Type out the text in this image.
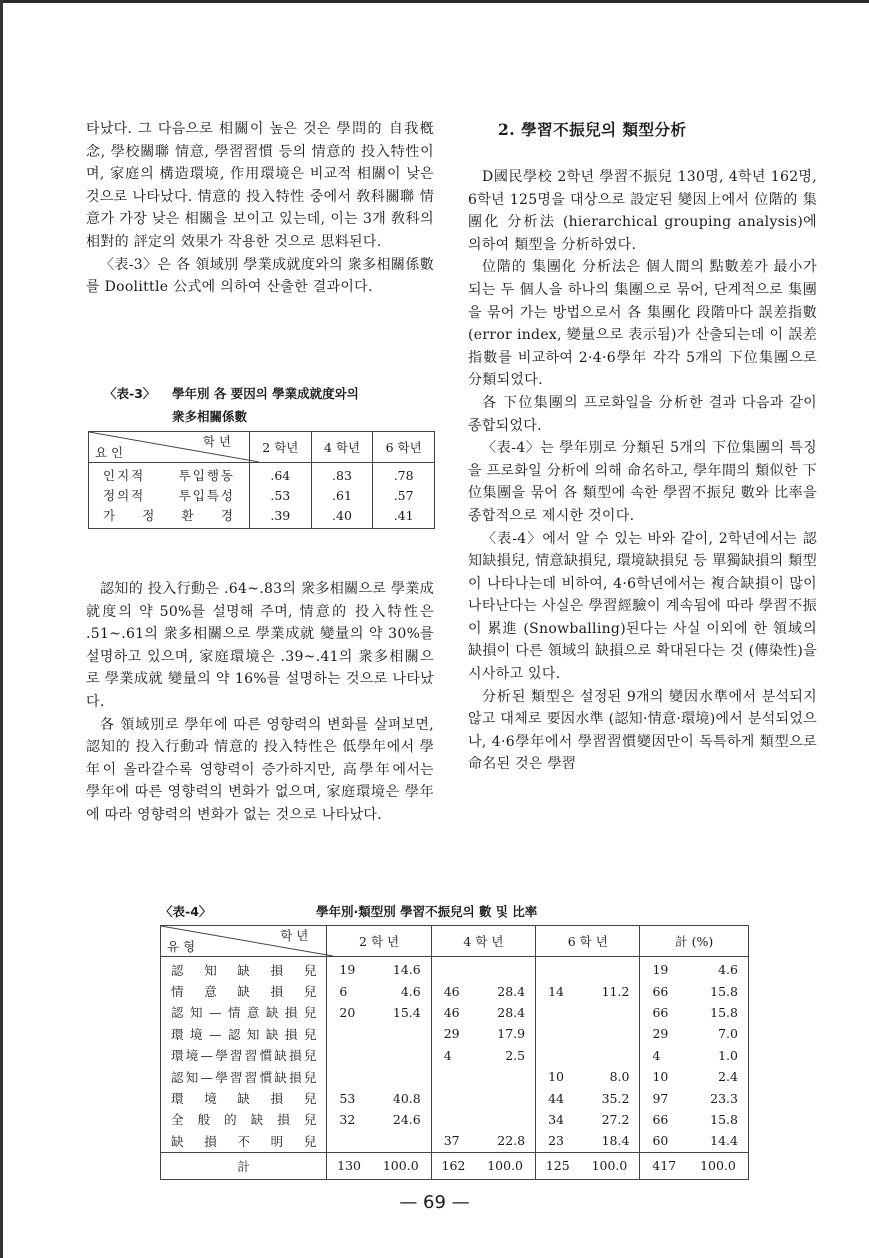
타났다. 그 다음으로 相關이 높은 것은 學問的 自我槪念, 學校關聯 情意, 學習習慣 등의 情意的 投入特性이며, 家庭의 構造環境, 作用環境은 비교적 相關이 낮은 것으로 나타났다. 情意的 投入特性 중에서 敎科關聯 情意가 가장 낮은 相關을 보이고 있는데, 이는 3개 敎科의 相對的 評定의 效果가 작용한 것으로 思料된다.

〈表-3〉은 各 領域別 學業成就度와의 衆多相關係數를 Doolittle 公式에 의하여 산출한 결과이다.

〈表-3〉 學年別 各 要因의 學業成就度와의
衆多相關係數
학 년
요 인	2 학년	4 학년	6 학년
인지적 투입행동	.64	.83	.78
정의적 투입특성	.53	.61	.57
가 정 환 경	.39	.40	.41

認知的 投入行動은 .64~.83의 衆多相關으로 學業成就度의 약 50%를 설명해 주며, 情意的 投入特性은 .51~.61의 衆多相關으로 學業成就 變量의 약 30%를 설명하고 있으며, 家庭環境은 .39~.41의 衆多相關으로 學業成就 變量의 약 16%를 설명하는 것으로 나타났다.

各 領域別로 學年에 따른 영향력의 변화를 살펴보면, 認知的 投入行動과 情意的 投入特性은 低學年에서 學年이 올라갈수록 영향력이 증가하지만, 高學年에서는 學年에 따른 영향력의 변화가 없으며, 家庭環境은 學年에 따라 영향력의 변화가 없는 것으로 나타났다.

2. 學習不振兒의 類型分析

D國民學校 2학년 學習不振兒 130명, 4학년 162명, 6학년 125명을 대상으로 設定된 變因上에서 位階的 集團化 分析法 (hierarchical grouping analysis)에 의하여 類型을 分析하였다.

位階的 集團化 分析法은 個人間의 點數差가 最小가 되는 두 個人을 하나의 集團으로 묶어, 단계적으로 集團을 묶어 가는 방법으로서 各 集團化 段階마다 誤差指數 (error index, 變量으로 表示됨)가 산출되는데 이 誤差指數를 비교하여 2·4·6學年 각각 5개의 下位集團으로 分類되었다.

各 下位集團의 프로화일을 分析한 결과 다음과 같이 종합되었다.

〈表-4〉는 學年別로 分類된 5개의 下位集團의 특징을 프로화일 分析에 의해 命名하고, 學年間의 類似한 下位集團을 묶어 各 類型에 속한 學習不振兒 數와 比率을 종합적으로 제시한 것이다.

〈表-4〉에서 알 수 있는 바와 같이, 2학년에서는 認知缺損兒, 情意缺損兒, 環境缺損兒 등 單獨缺損의 類型이 나타나는데 비하여, 4·6학년에서는 複合缺損이 많이 나타난다는 사실은 學習經驗이 계속됨에 따라 學習不振이 累進 (Snowballing)된다는 사실 이외에 한 領域의 缺損이 다른 領域의 缺損으로 확대된다는 것 (傳染性)을 시사하고 있다.

分析된 類型은 설정된 9개의 變因水準에서 분석되지 않고 대체로 要因水準 (認知·情意·環境)에서 분석되었으나, 4·6學年에서 學習習慣變因만이 독특하게 類型으로 命名된 것은 學習

〈表-4〉	學年別·類型別 學習不振兒의 數 및 比率
학 년
유 형	2 학 년		4 학 년		6 학 년		計 (%)	
認 知 缺 損 兒	19	14.6					19	4.6
情 意 缺 損 兒	6	4.6	46	28.4	14	11.2	66	15.8
認知—情意缺損兒	20	15.4	46	28.4			66	15.8
環境—認知缺損兒			29	17.9			29	7.0
環境—學習習慣缺損兒			4	2.5			4	1.0
認知—學習習慣缺損兒					10	8.0	10	2.4
環 境 缺 損 兒	53	40.8			44	35.2	97	23.3
全 般 的 缺 損 兒	32	24.6			34	27.2	66	15.8
缺 損 不 明 兒			37	22.8	23	18.4	60	14.4
計	130	100.0	162	100.0	125	100.0	417	100.0
— 69 —
